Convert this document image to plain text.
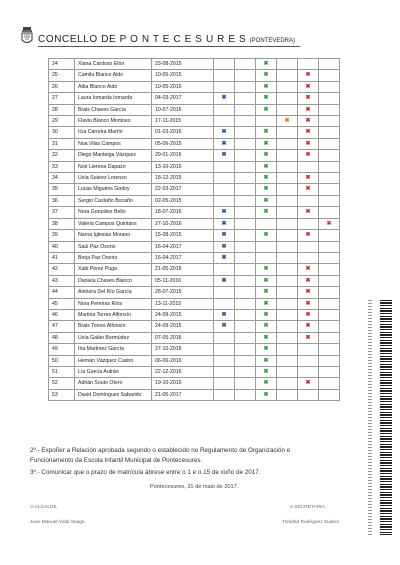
CONCELLO DE P O N T E C E S U R E S (PONTEVEDRA)
24	Xiana Cardoso Eitor	23-08-2015			✖			
25	Camila Blanco Aido	10-05-2015			✖		✖	
26	Alba Blanco Aido	10-05-2015			✖		✖	
27	Laura Iomarda Iomarda	04-03-2017	✖		✖		✖	
28	Brais Chaves García	10-07-2016			✖		✖	
29	Flavio Blanco Montoes	17-11-2015				✖	✖	
30	Icía Carreira Martín	01-03-2016	✖		✖		✖	
31	Noa Vilas Campos	05-06-2015	✖		✖		✖	
32	Diego Manteiga Vázquez	29-01-2016	✖		✖		✖	
33	Noé Llerena Dapazo	13-10-2015			✖			
34	Uxía Suárez Lorenzo	18-12-2015			✖		✖	
35	Lucas Miguéns Godoy	22-03-2017			✖		✖	
36	Sergio Castaño Bocaño	02-05-2015			✖			
37	Nora González Bello	18-07-2016	✖		✖		✖	
38	Valeria Campos Quintáns	27-10-2016	✖					✖
39	Naroa Iglesias Morano	15-08-2015	✖		✖		✖	
40	Saúl Paz Osorio	16-04-2017	✖					
41	Borja Paz Osorio	16-04-2017	✖					
42	Xabi Pérez Puga	21-05-2015			✖		✖	
43	Daniela Chaves Blanco	05-11-2016	✖		✖		✖	
44	Ainhora Del Río García	28-07-2015			✖		✖	
45	Nora Pereiras Ríos	13-11-2015			✖		✖	
46	Martina Torres Alfonsín	24-09-2015	✖		✖		✖	
47	Brais Torres Alfonsín	24-09-2015	✖		✖		✖	
48	Uxía Galán Bermúdez	07-05-2016			✖		✖	
49	Iria Martínez García	27-10-2015			✖			
50	Hernán Vázquez Castro	06-06-2016			✖			
51	Lía García Autrán	22-12-2016			✖			
52	Adrián Souto Otero	19-10-2015			✖		✖	
53	David Domínguez Sabarido	21-05-2017			✖			
2º.- Expoñer a Relación aprobada segundo o establecido no Regulamento de Organización e Funcionamento da Escola Infantil Municipal de Pontecesures.
3º.- Comunicar que o prazo de matrícula ábrese entre o 1 e o 15 de xuño de 2017.
Pontecesures, 31 de maio de 2017.
O ALCALDE,
Juan Manuel Vidal Seage.
A SECRETARIA,
Trinidad Rodríguez Suárez.
